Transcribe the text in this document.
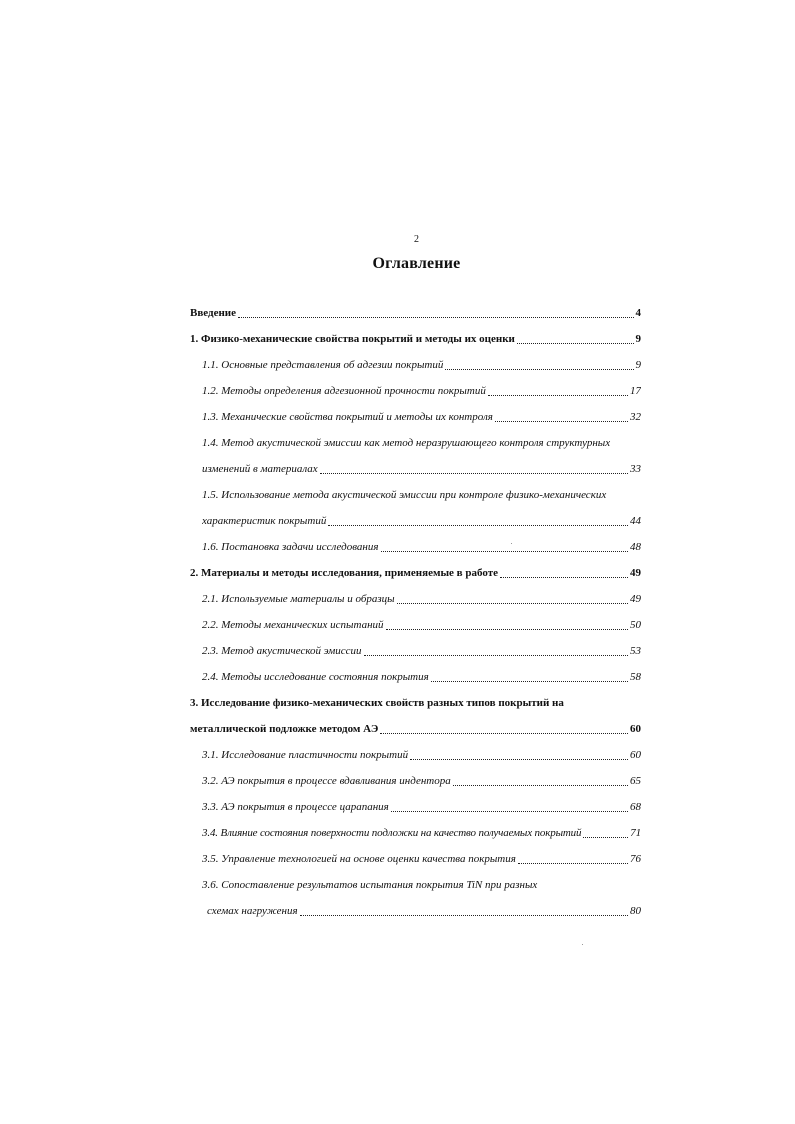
2
Оглавление
Введение	4
1. Физико-механические свойства покрытий и методы их оценки	9
1.1. Основные представления об адгезии покрытий	9
1.2. Методы определения адгезионной прочности покрытий	17
1.3. Механические свойства покрытий и методы их контроля	32
1.4. Метод акустической эмиссии как метод неразрушающего контроля структурных
изменений в материалах	33
1.5. Использование метода акустической эмиссии при контроле физико-механических
характеристик покрытий	44
1.6. Постановка задачи исследования	48
2. Материалы и методы исследования, применяемые в работе	49
2.1. Используемые материалы и образцы	49
2.2. Методы механических испытаний	50
2.3. Метод акустической эмиссии	53
2.4. Методы исследование состояния покрытия	58
3. Исследование физико-механических свойств разных типов покрытий на
металлической подложке методом АЭ	60
3.1. Исследование пластичности покрытий	60
3.2. АЭ покрытия в процессе вдавливания индентора	65
3.3. АЭ покрытия в процессе царапания	68
3.4. Влияние состояния поверхности подложки на качество получаемых покрытий	71
3.5. Управление технологией на основе оценки качества покрытия	76
3.6. Сопоставление результатов испытания покрытия TiN при разных
схемах нагружения	80
